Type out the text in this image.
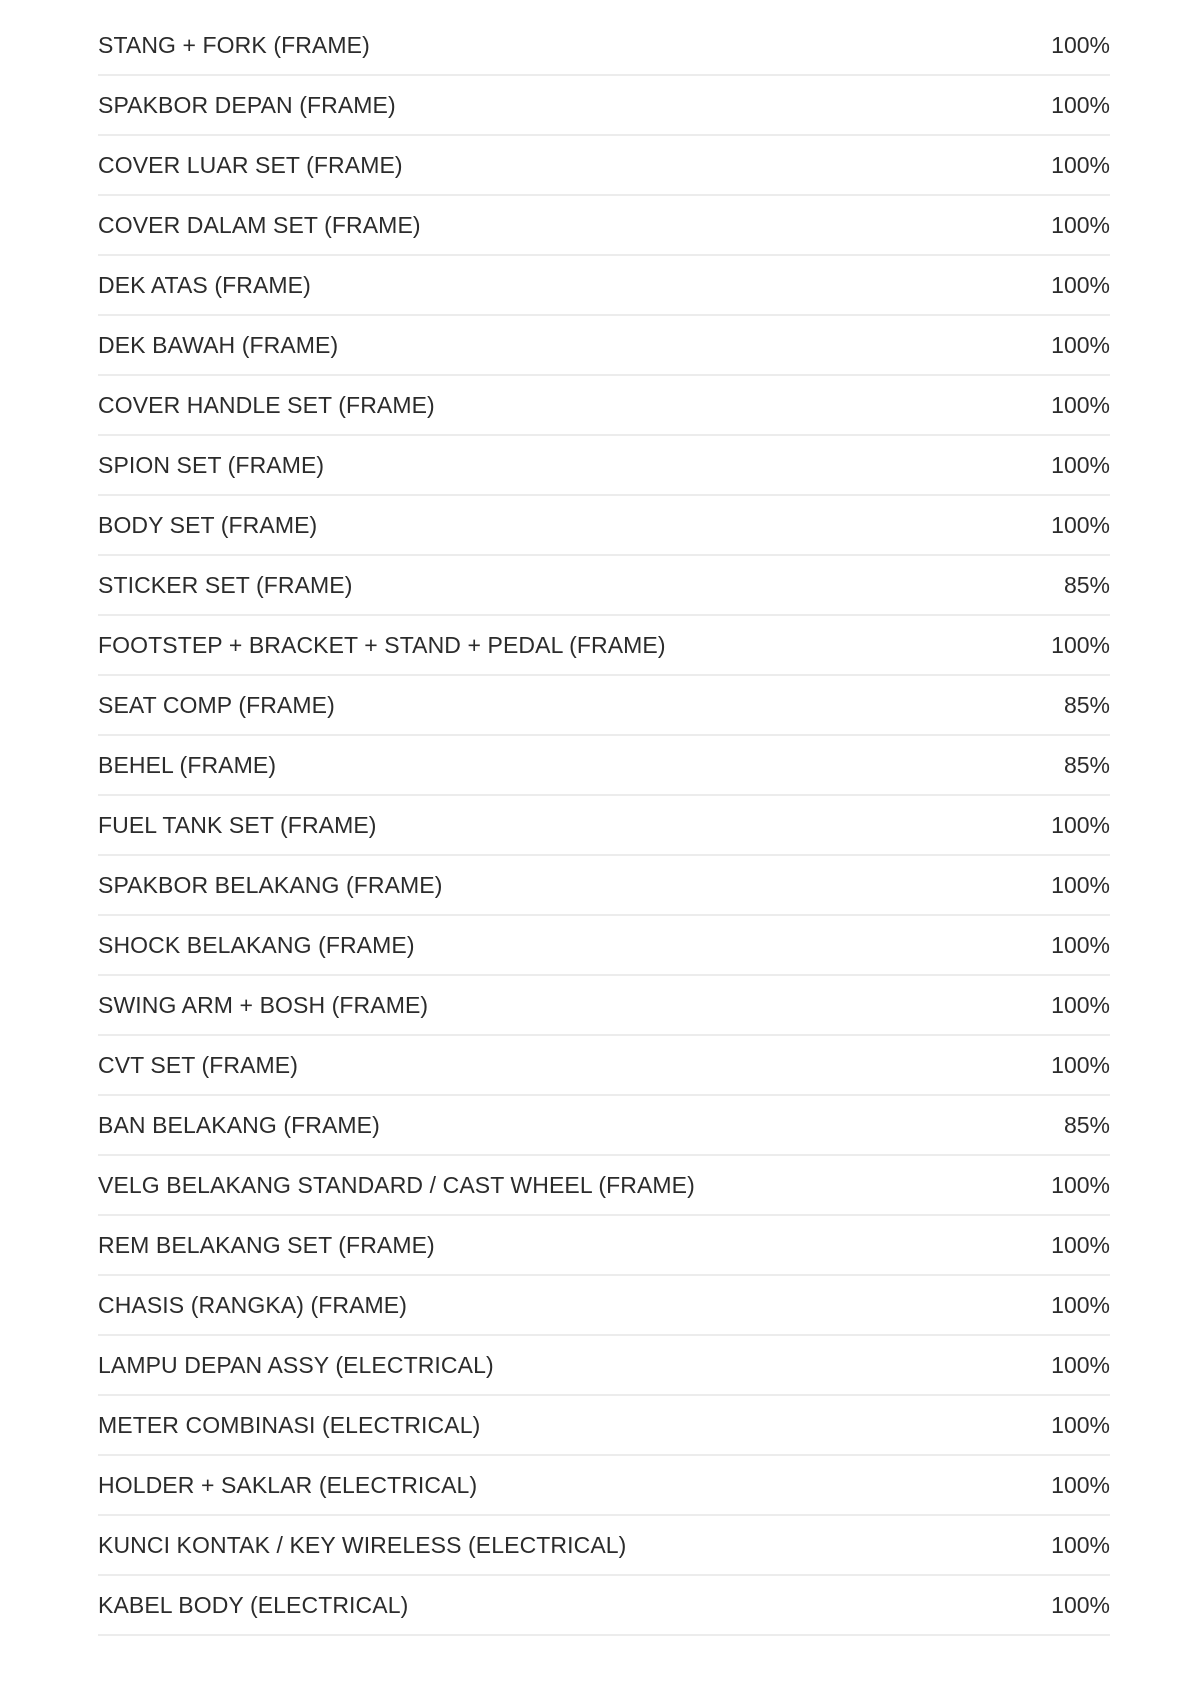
STANG + FORK (FRAME)	100%
SPAKBOR DEPAN (FRAME)	100%
COVER LUAR SET (FRAME)	100%
COVER DALAM SET (FRAME)	100%
DEK ATAS (FRAME)	100%
DEK BAWAH (FRAME)	100%
COVER HANDLE SET (FRAME)	100%
SPION SET (FRAME)	100%
BODY SET (FRAME)	100%
STICKER SET (FRAME)	85%
FOOTSTEP + BRACKET + STAND + PEDAL (FRAME)	100%
SEAT COMP (FRAME)	85%
BEHEL (FRAME)	85%
FUEL TANK SET (FRAME)	100%
SPAKBOR BELAKANG (FRAME)	100%
SHOCK BELAKANG (FRAME)	100%
SWING ARM + BOSH (FRAME)	100%
CVT SET (FRAME)	100%
BAN BELAKANG (FRAME)	85%
VELG BELAKANG STANDARD / CAST WHEEL (FRAME)	100%
REM BELAKANG SET (FRAME)	100%
CHASIS (RANGKA) (FRAME)	100%
LAMPU DEPAN ASSY (ELECTRICAL)	100%
METER COMBINASI (ELECTRICAL)	100%
HOLDER + SAKLAR (ELECTRICAL)	100%
KUNCI KONTAK / KEY WIRELESS (ELECTRICAL)	100%
KABEL BODY (ELECTRICAL)	100%
